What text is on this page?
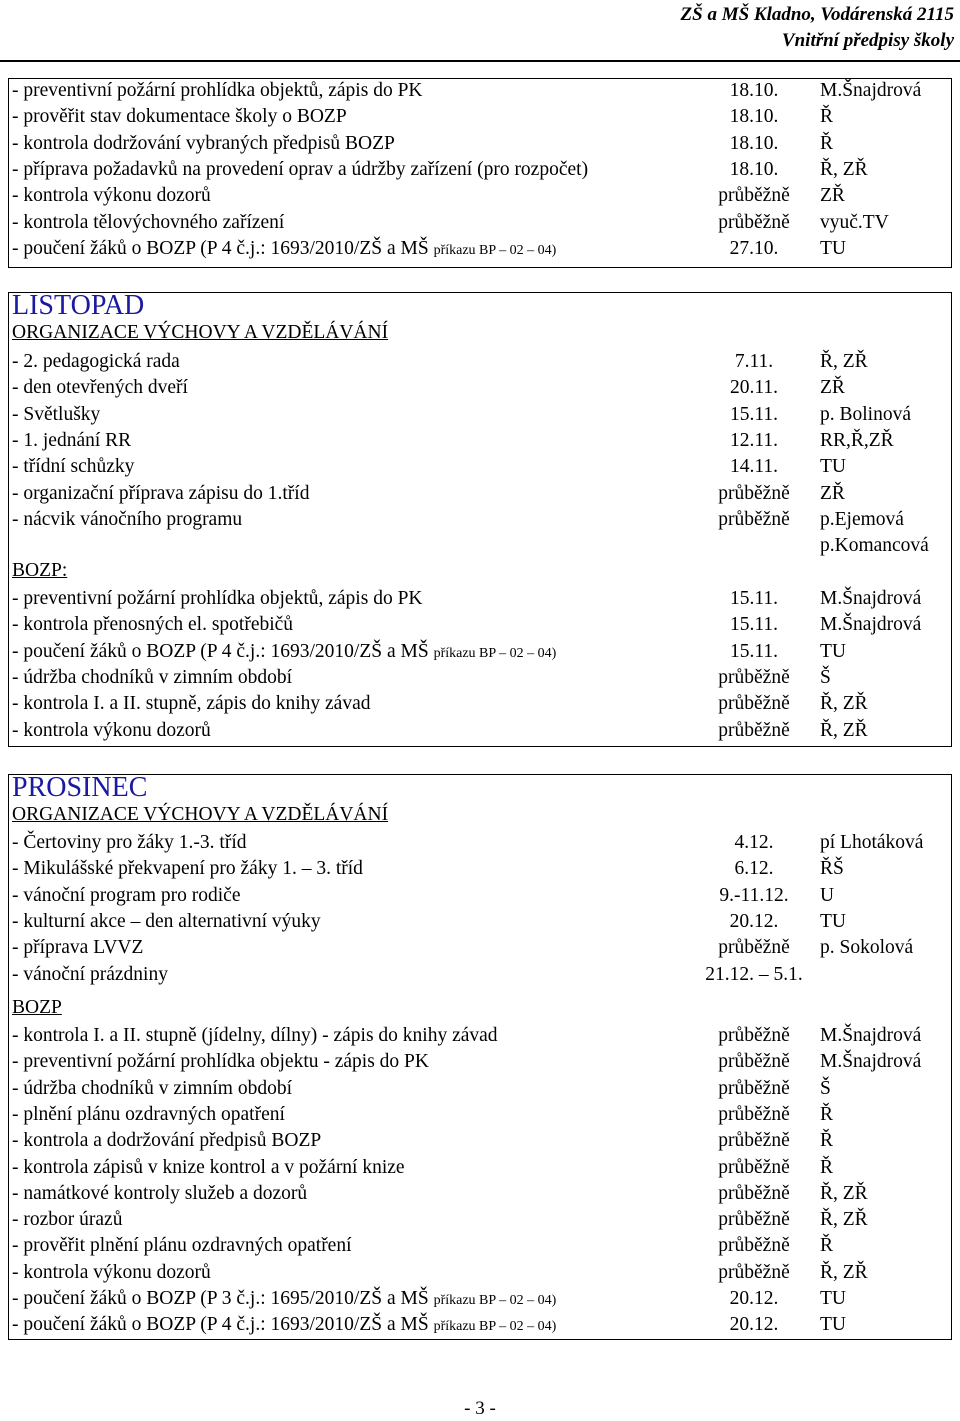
ZŠ a MŠ Kladno, Vodárenská 2115
Vnitřní předpisy školy
LISTOPAD
ORGANIZACE VÝCHOVY A VZDĚLÁVÁNÍ
BOZP:
PROSINEC
ORGANIZACE VÝCHOVY A VZDĚLÁVÁNÍ
BOZP
- preventivní požární prohlídka objektů, zápis do PK	18.10.	M.Šnajdrová
- prověřit stav dokumentace školy o BOZP	18.10.	Ř
- kontrola dodržování vybraných předpisů BOZP	18.10.	Ř
- příprava požadavků na provedení oprav a údržby zařízení (pro rozpočet)	18.10.	Ř, ZŘ
- kontrola výkonu dozorů	průběžně	ZŘ
- kontrola tělovýchovného zařízení	průběžně	vyuč.TV
- poučení žáků o BOZP (P 4 č.j.: 1693/2010/ZŠ a MŠ příkazu BP – 02 – 04)	27.10.	TU
- 2. pedagogická rada	7.11.	Ř, ZŘ
- den otevřených dveří	20.11.	ZŘ
- Světlušky	15.11.	p. Bolinová
- 1. jednání RR	12.11.	RR,Ř,ZŘ
- třídní schůzky	14.11.	TU
- organizační příprava zápisu do 1.tříd	průběžně	ZŘ
- nácvik vánočního programu	průběžně	p.Ejemová
p.Komancová
- preventivní požární prohlídka objektů, zápis do PK	15.11.	M.Šnajdrová
- kontrola přenosných el. spotřebičů	15.11.	M.Šnajdrová
- poučení žáků o BOZP (P 4 č.j.: 1693/2010/ZŠ a MŠ příkazu BP – 02 – 04)	15.11.	TU
- údržba chodníků v zimním období	průběžně	Š
- kontrola I. a II. stupně, zápis do knihy závad	průběžně	Ř, ZŘ
- kontrola výkonu dozorů	průběžně	Ř, ZŘ
- Čertoviny pro žáky 1.-3. tříd	4.12.	pí Lhotáková
- Mikulášské překvapení pro žáky 1. – 3. tříd	6.12.	ŘŠ
- vánoční program pro rodiče	9.-11.12.	U
- kulturní akce – den alternativní výuky	20.12.	TU
- příprava LVVZ	průběžně	p. Sokolová
- vánoční prázdniny	21.12. – 5.1.
- kontrola I. a II. stupně (jídelny, dílny) - zápis do knihy závad	průběžně	M.Šnajdrová
- preventivní požární prohlídka objektu - zápis do PK	průběžně	M.Šnajdrová
- údržba chodníků v zimním období	průběžně	Š
- plnění plánu ozdravných opatření	průběžně	Ř
- kontrola a dodržování předpisů BOZP	průběžně	Ř
- kontrola zápisů v knize kontrol a v požární knize	průběžně	Ř
- namátkové kontroly služeb a dozorů	průběžně	Ř, ZŘ
- rozbor úrazů	průběžně	Ř, ZŘ
- prověřit plnění plánu ozdravných opatření	průběžně	Ř
- kontrola výkonu dozorů	průběžně	Ř, ZŘ
- poučení žáků o BOZP (P 3 č.j.: 1695/2010/ZŠ a MŠ příkazu BP – 02 – 04)	20.12.	TU
- poučení žáků o BOZP (P 4 č.j.: 1693/2010/ZŠ a MŠ příkazu BP – 02 – 04)	20.12.	TU
- 3 -
